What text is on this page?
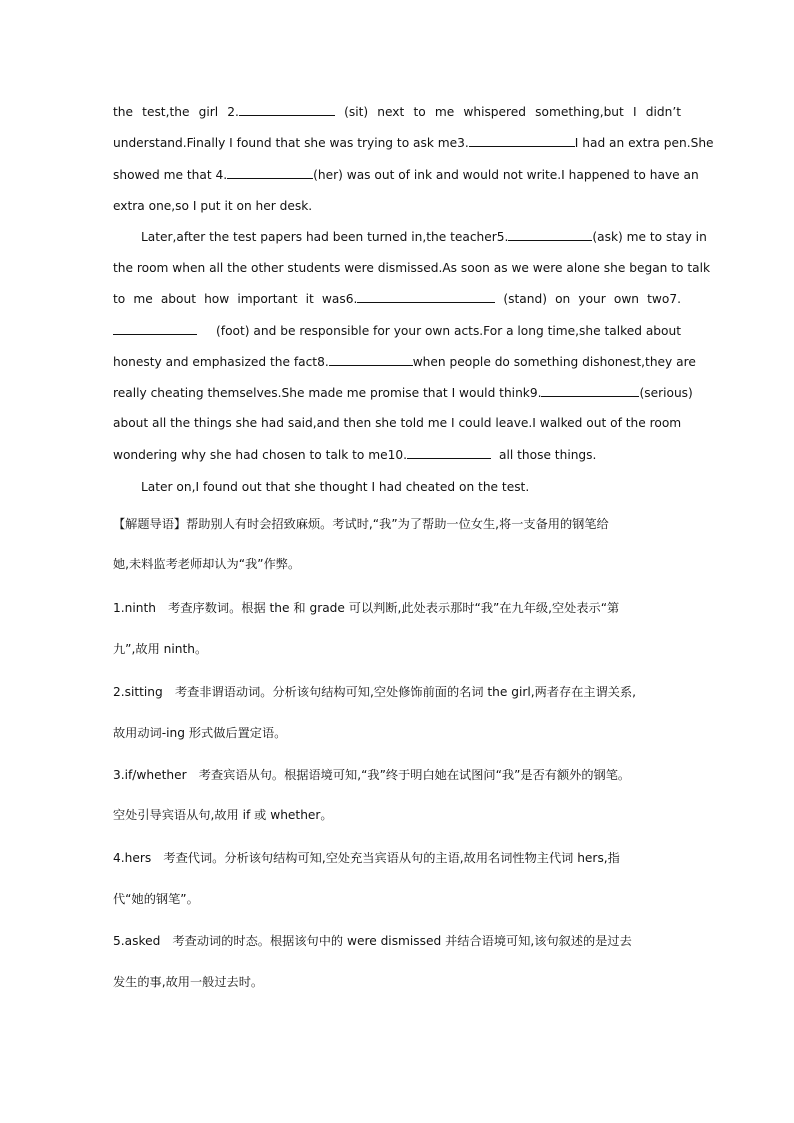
the test,the girl 2.	(sit) next to me whispered something,but I didn’t
understand.Finally I found that she was trying to ask me3.	I had an extra pen.She
showed me that 4.	(her) was out of ink and would not write.I happened to have an
extra one,so I put it on her desk.
Later,after the test papers had been turned in,the teacher5.	(ask) me to stay in
the room when all the other students were dismissed.As soon as we were alone she began to talk
to me about how important it was6.	(stand) on your own two7.
(foot) and be responsible for your own acts.For a long time,she talked about
honesty and emphasized the fact8.	when people do something dishonest,they are
really cheating themselves.She made me promise that I would think9.	(serious)
about all the things she had said,and then she told me I could leave.I walked out of the room
wondering why she had chosen to talk to me10.	all those things.
Later on,I found out that she thought I had cheated on the test.
【解题导语】帮助别人有时会招致麻烦。考试时,“我”为了帮助一位女生,将一支备用的钢笔给
她,未料监考老师却认为“我”作弊。
1.ninth　考查序数词。根据 the 和 grade 可以判断,此处表示那时“我”在九年级,空处表示“第
九”,故用 ninth。
2.sitting　考查非谓语动词。分析该句结构可知,空处修饰前面的名词 the girl,两者存在主谓关系,
故用动词-ing 形式做后置定语。
3.if/whether　考查宾语从句。根据语境可知,“我”终于明白她在试图问“我”是否有额外的钢笔。
空处引导宾语从句,故用 if 或 whether。
4.hers　考查代词。分析该句结构可知,空处充当宾语从句的主语,故用名词性物主代词 hers,指
代“她的钢笔”。
5.asked　考查动词的时态。根据该句中的 were dismissed 并结合语境可知,该句叙述的是过去
发生的事,故用一般过去时。
